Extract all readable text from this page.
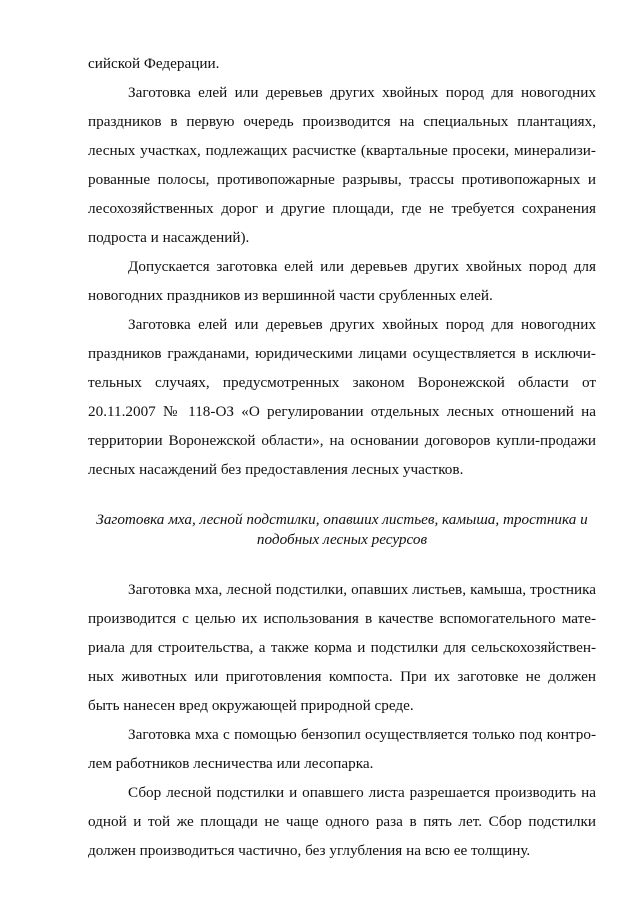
сийской Федерации.

Заготовка елей или деревьев других хвойных пород для новогодних

праздников в первую очередь производится на специальных плантациях,

лесных участках, подлежащих расчистке (квартальные просеки, минерализи-

рованные полосы, противопожарные разрывы, трассы противопожарных и

лесохозяйственных дорог и другие площади, где не требуется сохранения

подроста и насаждений).

Допускается заготовка елей или деревьев других хвойных пород для

новогодних праздников из вершинной части срубленных елей.

Заготовка елей или деревьев других хвойных пород для новогодних

праздников гражданами, юридическими лицами осуществляется в исключи-

тельных случаях, предусмотренных законом Воронежской области от

20.11.2007 № 118-ОЗ «О регулировании отдельных лесных отношений на

территории Воронежской области», на основании договоров купли-продажи

лесных насаждений без предоставления лесных участков.

Заготовка мха, лесной подстилки, опавших листьев, камыша, тростника и

подобных лесных ресурсов

Заготовка мха, лесной подстилки, опавших листьев, камыша, тростника

производится с целью их использования в качестве вспомогательного мате-

риала для строительства, а также корма и подстилки для сельскохозяйствен-

ных животных или приготовления компоста. При их заготовке не должен

быть нанесен вред окружающей природной среде.

Заготовка мха с помощью бензопил осуществляется только под контро-

лем работников лесничества или лесопарка.

Сбор лесной подстилки и опавшего листа разрешается производить на

одной и той же площади не чаще одного раза в пять лет. Сбор подстилки

должен производиться частично, без углубления на всю ее толщину.
